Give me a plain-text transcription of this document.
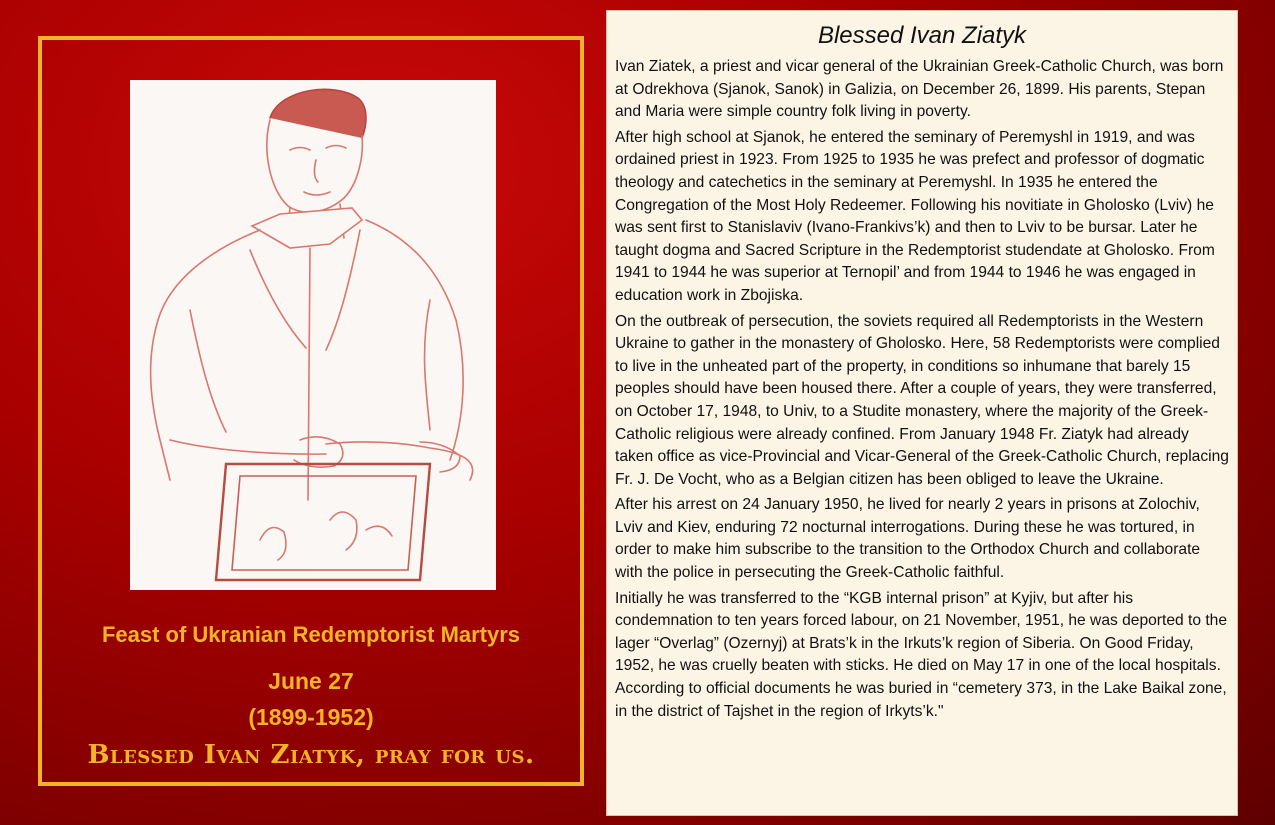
Feast of Ukranian Redemptorist Martyrs
June 27
(1899-1952)
Blessed Ivan Ziatyk, pray for us.
Blessed Ivan Ziatyk

Ivan Ziatek, a priest and vicar general of the Ukrainian Greek-Catholic Church, was born at Odrekhova (Sjanok, Sanok) in Galizia, on December 26, 1899. His parents, Stepan and Maria were simple country folk living in poverty.

After high school at Sjanok, he entered the seminary of Peremyshl in 1919, and was ordained priest in 1923. From 1925 to 1935 he was prefect and professor of dogmatic theology and catechetics in the seminary at Peremyshl. In 1935 he entered the Congregation of the Most Holy Redeemer. Following his novitiate in Gholosko (Lviv) he was sent first to Stanislaviv (Ivano-Frankivs’k) and then to Lviv to be bursar. Later he taught dogma and Sacred Scripture in the Redemptorist studendate at Gholosko. From 1941 to 1944 he was superior at Ternopil’ and from 1944 to 1946 he was engaged in education work in Zbojiska.

On the outbreak of persecution, the soviets required all Redemptorists in the Western Ukraine to gather in the monastery of Gholosko. Here, 58 Redemptorists were complied to live in the unheated part of the property, in conditions so inhumane that barely 15 peoples should have been housed there. After a couple of years, they were transferred, on October 17, 1948, to Univ, to a Studite monastery, where the majority of the Greek-Catholic religious were already confined. From January 1948 Fr. Ziatyk had already taken office as vice-Provincial and Vicar-General of the Greek-Catholic Church, replacing Fr. J. De Vocht, who as a Belgian citizen has been obliged to leave the Ukraine.

After his arrest on 24 January 1950, he lived for nearly 2 years in prisons at Zolochiv, Lviv and Kiev, enduring 72 nocturnal interrogations. During these he was tortured, in order to make him subscribe to the transition to the Orthodox Church and collaborate with the police in persecuting the Greek-Catholic faithful.

Initially he was transferred to the “KGB internal prison” at Kyjiv, but after his condemnation to ten years forced labour, on 21 November, 1951, he was deported to the lager “Overlag” (Ozernyj) at Brats’k in the Irkuts’k region of Siberia. On Good Friday, 1952, he was cruelly beaten with sticks. He died on May 17 in one of the local hospitals. According to official documents he was buried in “cemetery 373, in the Lake Baikal zone, in the district of Tajshet in the region of Irkyts’k."
